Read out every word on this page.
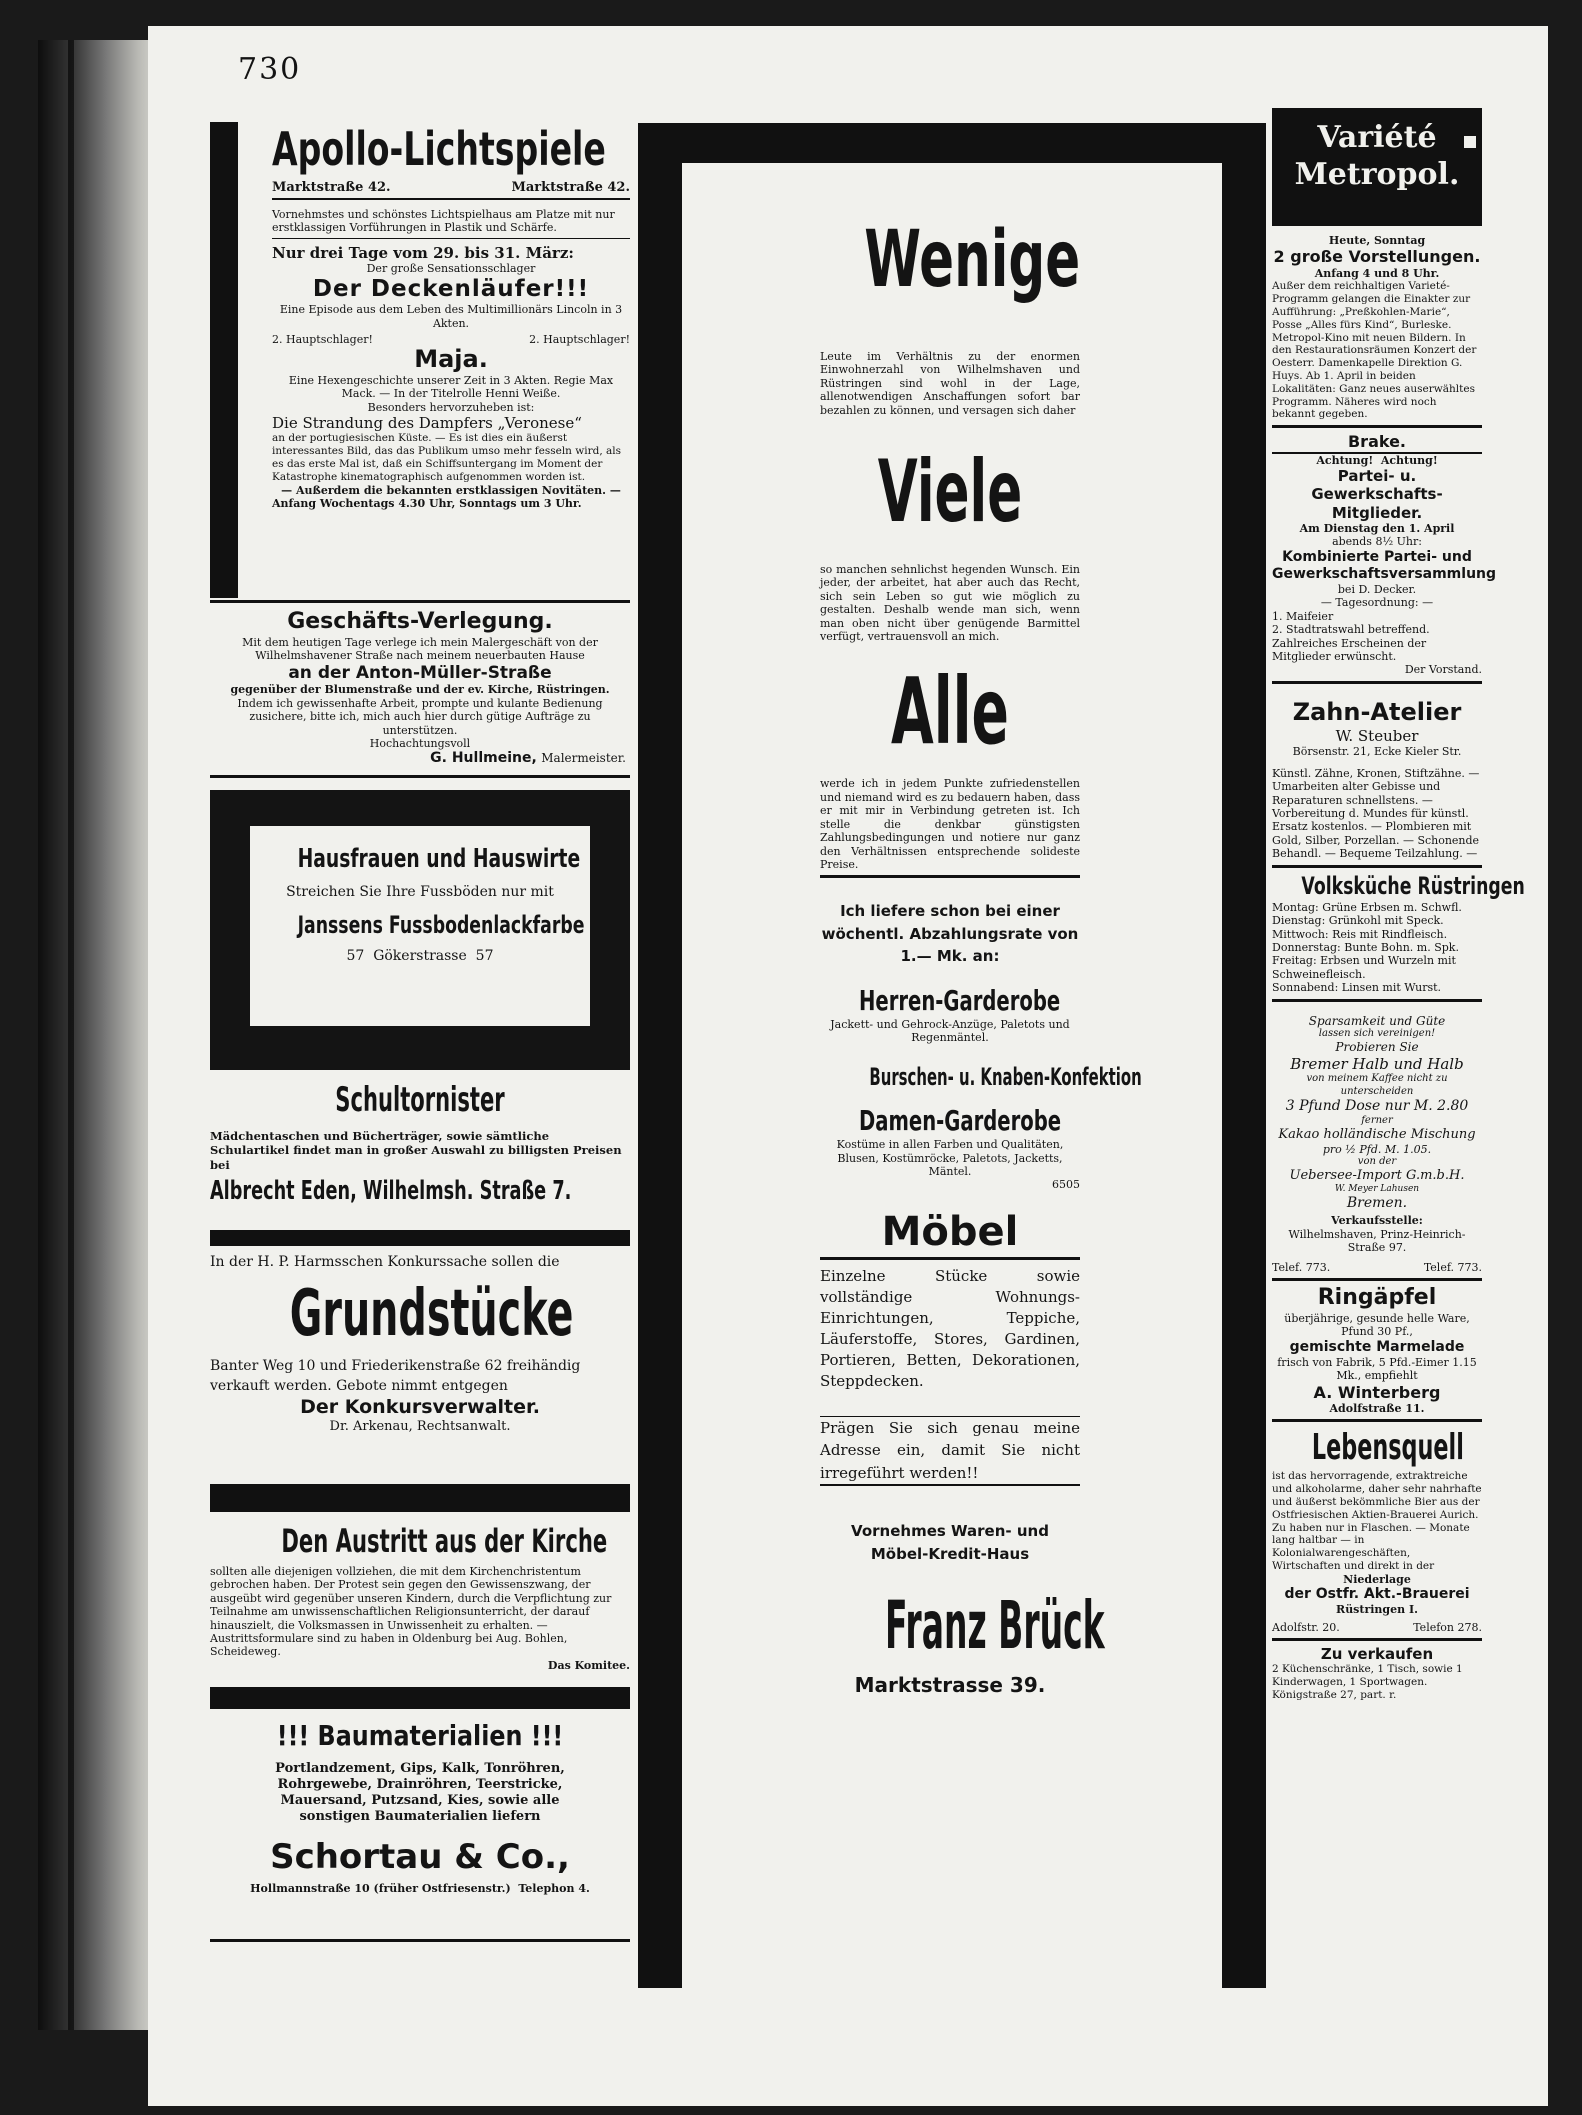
730
Apollo-Lichtspiele
Marktstraße 42.	Marktstraße 42.

Vornehmstes und schönstes Lichtspielhaus am Platze mit nur erstklassigen Vorführungen in Plastik und Schärfe.

Nur drei Tage vom 29. bis 31. März:

Der große Sensationsschlager

Der Deckenläufer!!!

Eine Episode aus dem Leben des Multimillionärs Lincoln in 3 Akten.

2. Hauptschlager!	2. Hauptschlager!

Maja.

Eine Hexengeschichte unserer Zeit in 3 Akten. Regie Max Mack. — In der Titelrolle Henni Weiße.

Besonders hervorzuheben ist:

Die Strandung des Dampfers „Veronese“

an der portugiesischen Küste. — Es ist dies ein äußerst interessantes Bild, das das Publikum umso mehr fesseln wird, als es das erste Mal ist, daß ein Schiffsuntergang im Moment der Katastrophe kinematographisch aufgenommen worden ist.

— Außerdem die bekannten erstklassigen Novitäten. —

Anfang Wochentags 4.30 Uhr, Sonntags um 3 Uhr.

Geschäfts-Verlegung.

Mit dem heutigen Tage verlege ich mein Malergeschäft von der Wilhelmshavener Straße nach meinem neuerbauten Hause

an der Anton-Müller-Straße

gegenüber der Blumenstraße und der ev. Kirche, Rüstringen.

Indem ich gewissenhafte Arbeit, prompte und kulante Bedienung zusichere, bitte ich, mich auch hier durch gütige Aufträge zu unterstützen.

Hochachtungsvoll

G. Hullmeine, Malermeister.

Hausfrauen und Hauswirte

Streichen Sie Ihre Fussböden nur mit

Janssens Fussbodenlackfarbe

57  Gökerstrasse  57

Schultornister

Mädchentaschen und Bücherträger, sowie sämtliche Schulartikel findet man in großer Auswahl zu billigsten Preisen bei

Albrecht Eden, Wilhelmsh. Straße 7.

In der H. P. Harmsschen Konkurssache sollen die

Grundstücke

Banter Weg 10 und Friederikenstraße 62 freihändig verkauft werden. Gebote nimmt entgegen

Der Konkursverwalter.

Dr. Arkenau, Rechtsanwalt.

Den Austritt aus der Kirche

sollten alle diejenigen vollziehen, die mit dem Kirchenchristentum gebrochen haben. Der Protest sein gegen den Gewissenszwang, der ausgeübt wird gegenüber unseren Kindern, durch die Verpflichtung zur Teilnahme am unwissenschaftlichen Religionsunterricht, der darauf hinauszielt, die Volksmassen in Unwissenheit zu erhalten. — Austrittsformulare sind zu haben in Oldenburg bei Aug. Bohlen, Scheideweg.

Das Komitee.

!!! Baumaterialien !!!

Portlandzement, Gips, Kalk, Tonröhren, Rohrgewebe, Drainröhren, Teerstricke, Mauersand, Putzsand, Kies, sowie alle sonstigen Baumaterialien liefern

Schortau & Co.,

Hollmannstraße 10 (früher Ostfriesenstr.)  Telephon 4.

Wenige

Leute im Verhältnis zu der enormen Einwohnerzahl von Wilhelmshaven und Rüstringen sind wohl in der Lage, allenotwendigen Anschaffungen sofort bar bezahlen zu können, und versagen sich daher

Viele

so manchen sehnlichst hegenden Wunsch. Ein jeder, der arbeitet, hat aber auch das Recht, sich sein Leben so gut wie möglich zu gestalten. Deshalb wende man sich, wenn man oben nicht über genügende Barmittel verfügt, vertrauensvoll an mich.

Alle

werde ich in jedem Punkte zufriedenstellen und niemand wird es zu bedauern haben, dass er mit mir in Verbindung getreten ist. Ich stelle die denkbar günstigsten Zahlungsbedingungen und notiere nur ganz den Verhältnissen entsprechende solideste Preise.

Ich liefere schon bei einer wöchentl. Abzahlungsrate von 1.— Mk. an:

Herren-Garderobe

Jackett- und Gehrock-Anzüge, Paletots und Regenmäntel.

Burschen- u. Knaben-Konfektion

Damen-Garderobe

Kostüme in allen Farben und Qualitäten, Blusen, Kostümröcke, Paletots, Jacketts, Mäntel.

6505

Möbel

Einzelne Stücke sowie vollständige Wohnungs-Einrichtungen, Teppiche, Läuferstoffe, Stores, Gardinen, Portieren, Betten, Dekorationen, Steppdecken.

Prägen Sie sich genau meine Adresse ein, damit Sie nicht irregeführt werden!!

Vornehmes Waren- und Möbel-Kredit-Haus

Franz Brück

Marktstrasse 39.

Variété

Metropol.

Heute, Sonntag

2 große Vorstellungen.

Anfang 4 und 8 Uhr.

Außer dem reichhaltigen Varieté-Programm gelangen die Einakter zur Aufführung: „Preßkohlen-Marie“, Posse „Alles fürs Kind“, Burleske. Metropol-Kino mit neuen Bildern. In den Restaurationsräumen Konzert der Oesterr. Damenkapelle Direktion G. Huys. Ab 1. April in beiden Lokalitäten: Ganz neues auserwähltes Programm. Näheres wird noch bekannt gegeben.

Brake.

Achtung!  Achtung!

Partei- u. Gewerkschafts-Mitglieder.

Am Dienstag den 1. April

abends 8½ Uhr:

Kombinierte Partei- und Gewerkschaftsversammlung

bei D. Decker.

— Tagesordnung: —

1. Maifeier

2. Stadtratswahl betreffend.

Zahlreiches Erscheinen der Mitglieder erwünscht.

Der Vorstand.

Zahn-Atelier

W. Steuber

Börsenstr. 21, Ecke Kieler Str.

Künstl. Zähne, Kronen, Stiftzähne. — Umarbeiten alter Gebisse und Reparaturen schnellstens. — Vorbereitung d. Mundes für künstl. Ersatz kostenlos. — Plombieren mit Gold, Silber, Porzellan. — Schonende Behandl. — Bequeme Teilzahlung. —

Volksküche Rüstringen

Montag: Grüne Erbsen m. Schwfl.

Dienstag: Grünkohl mit Speck.

Mittwoch: Reis mit Rindfleisch.

Donnerstag: Bunte Bohn. m. Spk.

Freitag: Erbsen und Wurzeln mit Schweinefleisch.

Sonnabend: Linsen mit Wurst.

Sparsamkeit und Güte

lassen sich vereinigen!

Probieren Sie

Bremer Halb und Halb

von meinem Kaffee nicht zu

unterscheiden

3 Pfund Dose nur M. 2.80

ferner

Kakao holländische Mischung

pro ½ Pfd. M. 1.05.

von der

Uebersee-Import G.m.b.H.

W. Meyer Lahusen

Bremen.

Verkaufsstelle:

Wilhelmshaven, Prinz-Heinrich-Straße 97.

Telef. 773.	Telef. 773.

Ringäpfel

überjährige, gesunde helle Ware, Pfund 30 Pf.,

gemischte Marmelade

frisch von Fabrik, 5 Pfd.-Eimer 1.15 Mk., empfiehlt

A. Winterberg

Adolfstraße 11.

Lebensquell

ist das hervorragende, extraktreiche und alkoholarme, daher sehr nahrhafte und äußerst bekömmliche Bier aus der Ostfriesischen Aktien-Brauerei Aurich. Zu haben nur in Flaschen. — Monate lang haltbar — in Kolonialwarengeschäften, Wirtschaften und direkt in der

Niederlage

der Ostfr. Akt.-Brauerei

Rüstringen I.

Adolfstr. 20.	Telefon 278.

Zu verkaufen

2 Küchenschränke, 1 Tisch, sowie 1 Kinderwagen, 1 Sportwagen. Königstraße 27, part. r.
